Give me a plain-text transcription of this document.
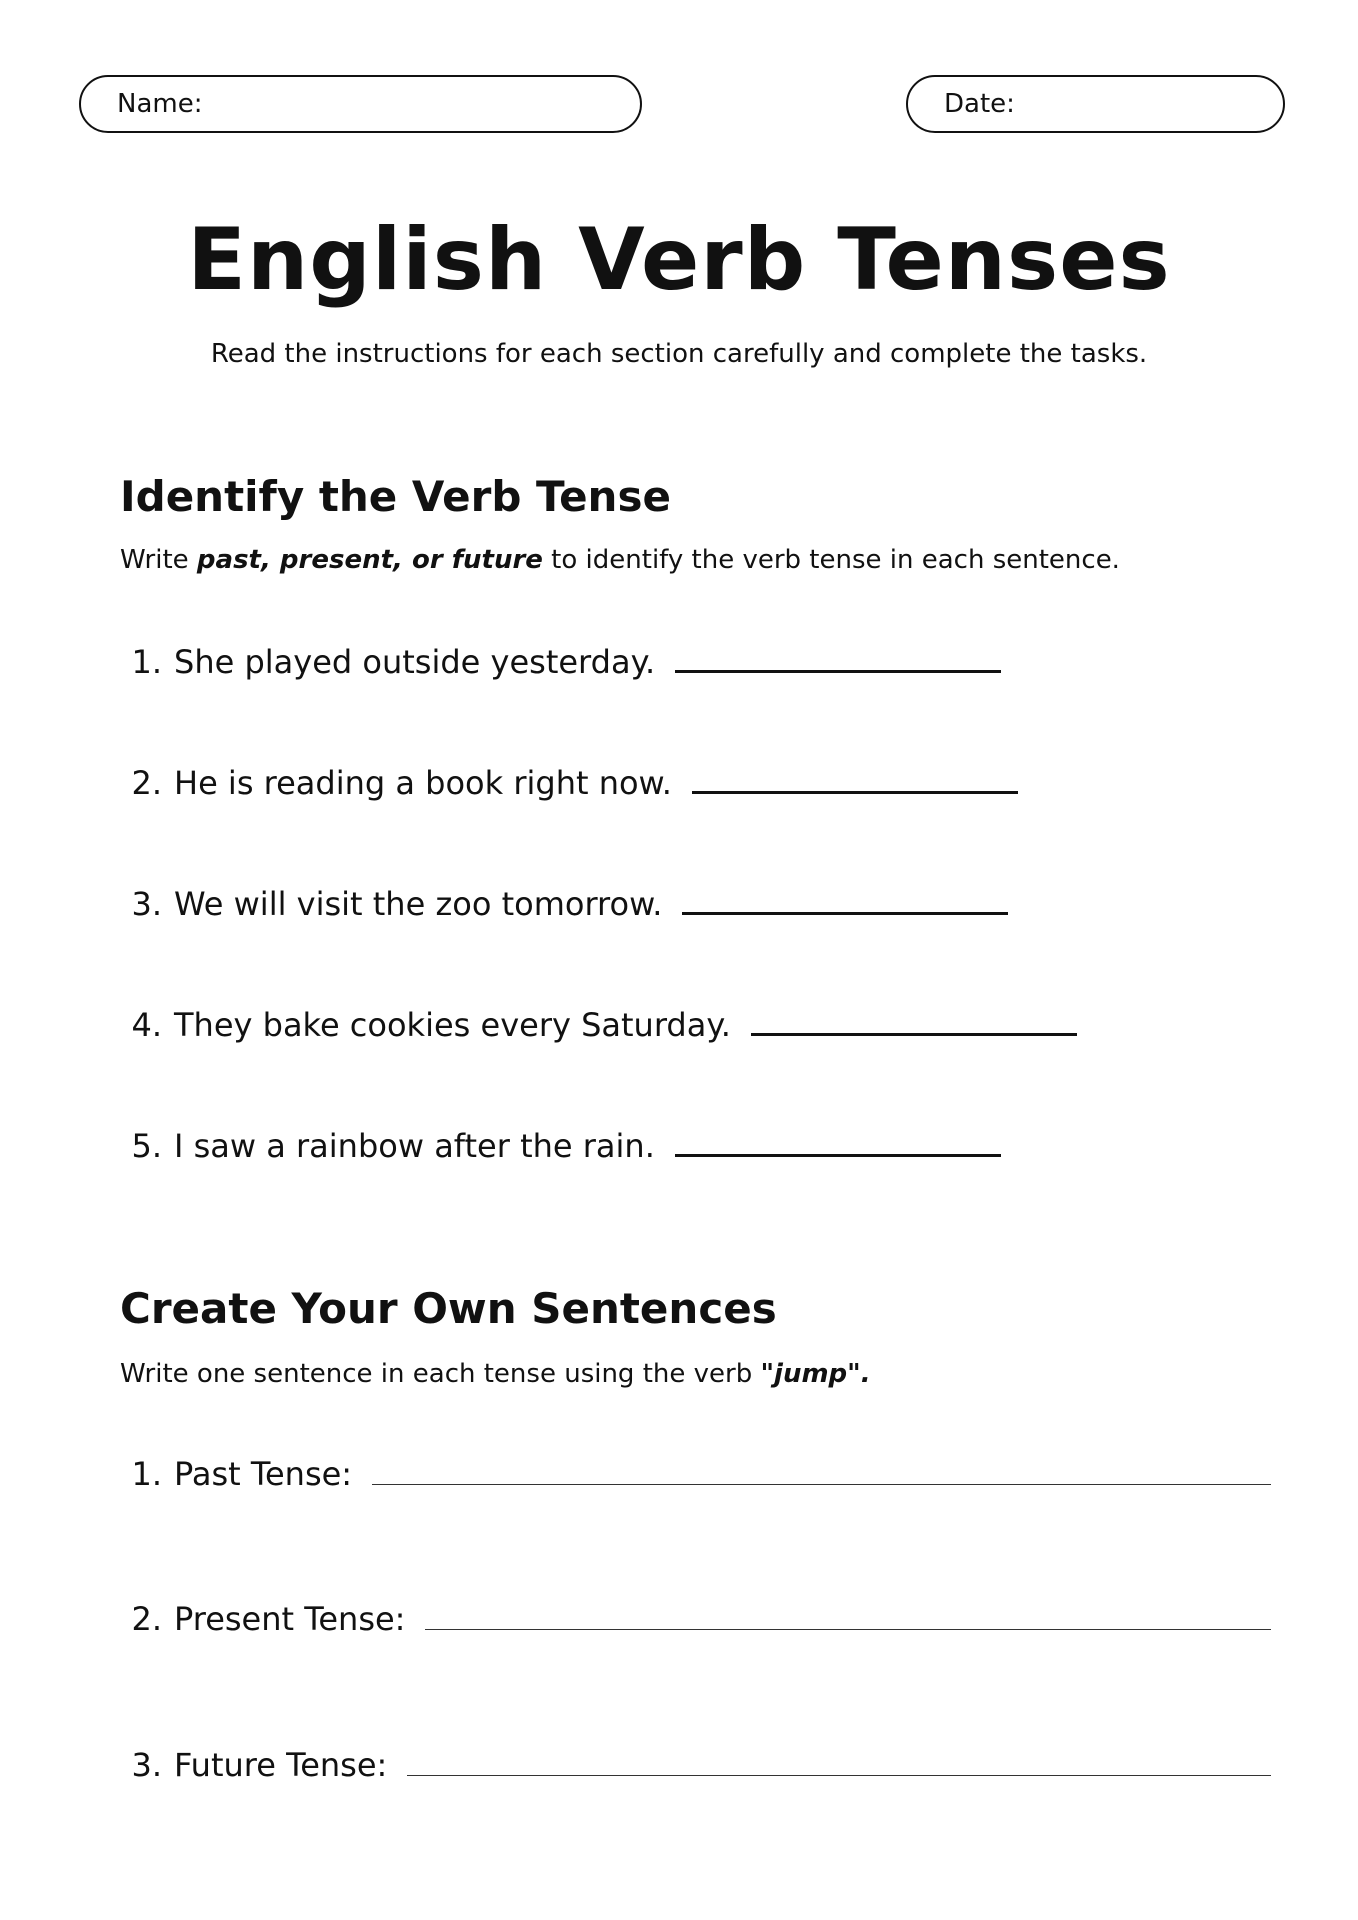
Name:	Date:
English Verb Tenses
Read the instructions for each section carefully and complete the tasks.
Identify the Verb Tense
Write past, present, or future to identify the verb tense in each sentence.
1. She played outside yesterday.
2. He is reading a book right now.
3. We will visit the zoo tomorrow.
4. They bake cookies every Saturday.
5. I saw a rainbow after the rain.
Create Your Own Sentences
Write one sentence in each tense using the verb "jump".
1. Past Tense:
2. Present Tense:
3. Future Tense:
